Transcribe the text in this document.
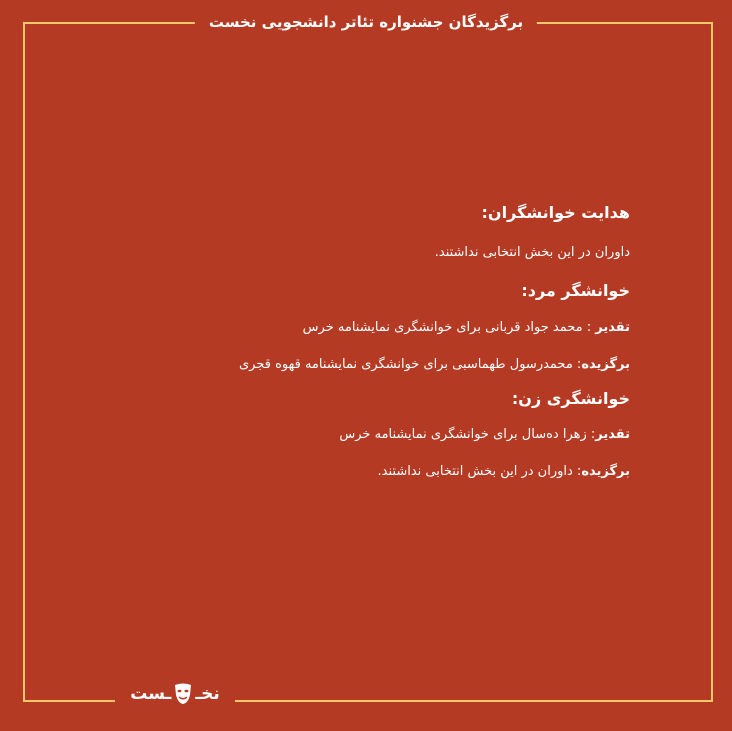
برگزیدگان جشنواره تئاتر دانشجویی نخست

هدایت خوانشگران:

داوران در این بخش انتخابی نداشتند.

خوانشگر مرد:

تقدیر : محمد جواد قربانی برای خوانشگری نمایشنامه خرس

برگزیده: محمدرسول طهماسبی برای خوانشگری نمایشنامه قهوه قجری

خوانشگری زن:

تقدیر: زهرا ده‌سال برای خوانشگری نمایشنامه خرس

برگزیده: داوران در این بخش انتخابی نداشتند.

نخـ
ـست
